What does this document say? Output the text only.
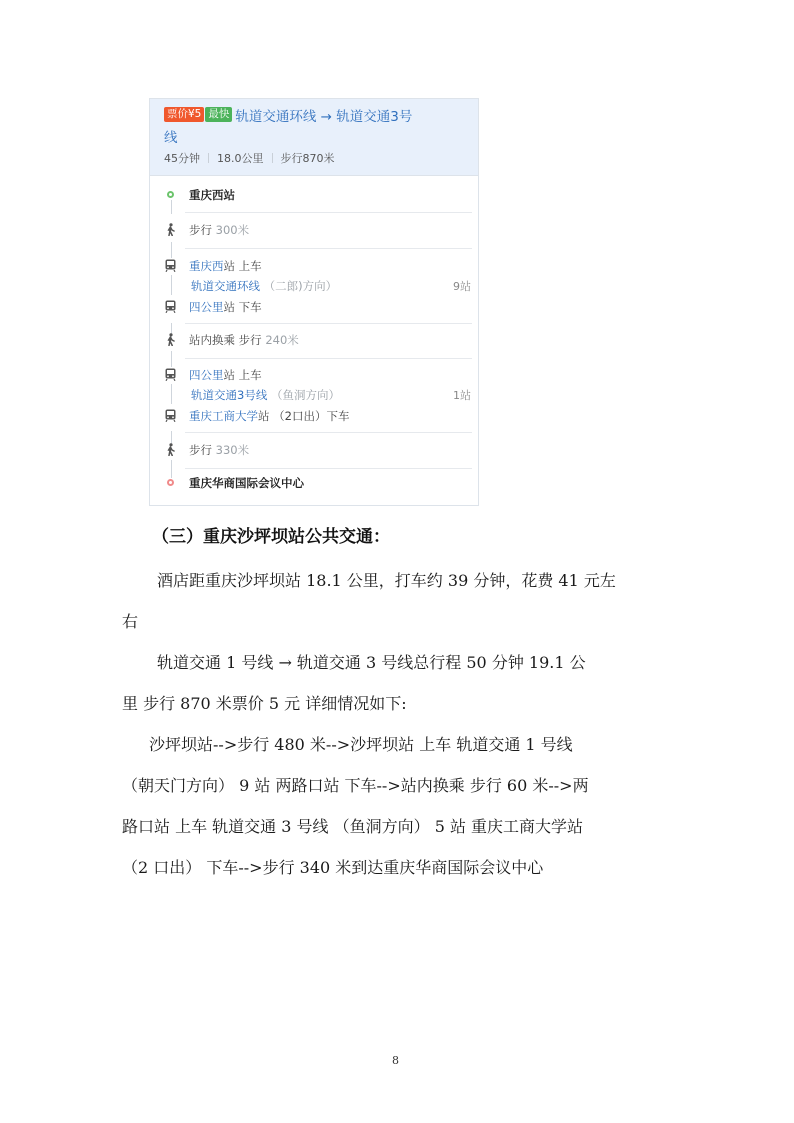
票价¥5 最快 轨道交通环线 → 轨道交通3号
线
45分钟 18.0公里 步行870米
重庆西站
步行 300米
重庆西站 上车
轨道交通环线 （二郎)方向）	9站
四公里站 下车
站内换乘 步行 240米
四公里站 上车
轨道交通3号线 （鱼洞方向）	1站
重庆工商大学站 （2口出）下车
步行 330米
重庆华商国际会议中心
（三）重庆沙坪坝站公共交通：
酒店距重庆沙坪坝站 18.1 公里，打车约 39 分钟，花费 41 元左
右
轨道交通 1 号线 → 轨道交通 3 号线总行程 50 分钟 19.1 公
里 步行 870 米票价 5 元 详细情况如下:
沙坪坝站-->步行 480 米-->沙坪坝站 上车 轨道交通 1 号线
（朝天门方向） 9 站 两路口站 下车-->站内换乘 步行 60 米-->两
路口站 上车 轨道交通 3 号线 （鱼洞方向） 5 站 重庆工商大学站
（2 口出） 下车-->步行 340 米到达重庆华商国际会议中心
8
